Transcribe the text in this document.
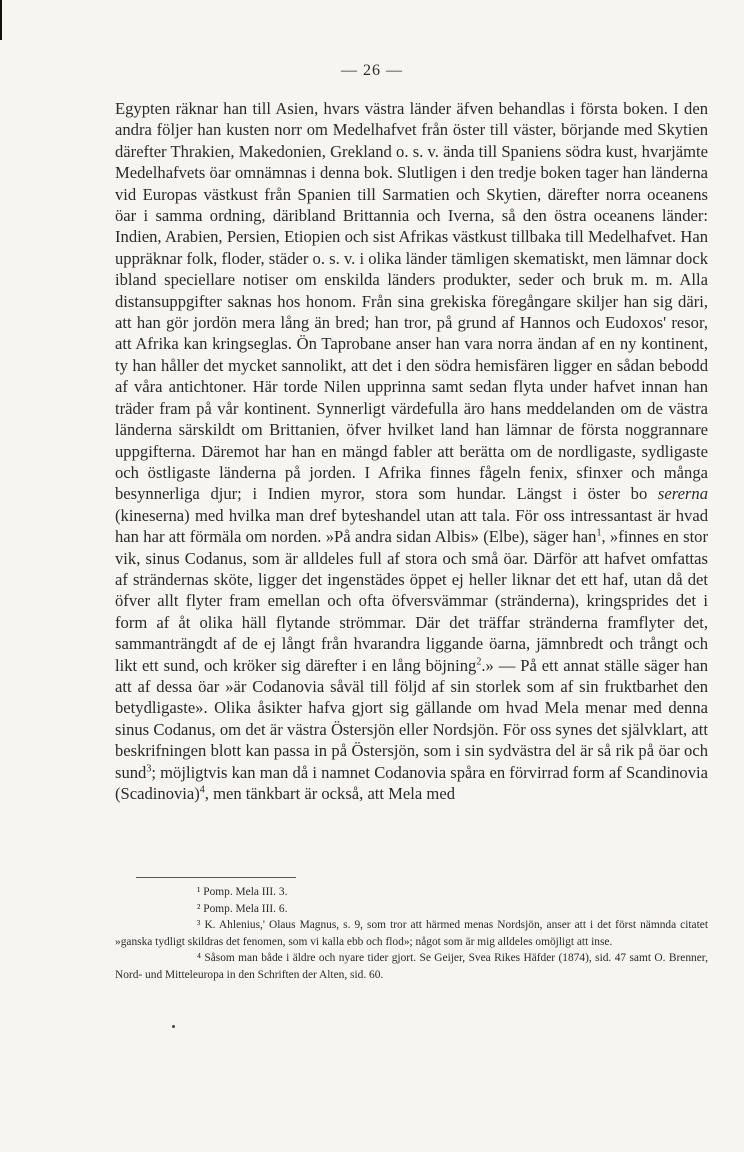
— 26 —

Egypten räknar han till Asien, hvars västra länder äfven behandlas i första boken. I den andra följer han kusten norr om Medelhafvet från öster till väster, börjande med Skytien därefter Thrakien, Makedonien, Grekland o. s. v. ända till Spaniens södra kust, hvarjämte Medelhafvets öar omnämnas i denna bok. Slutligen i den tredje boken tager han länderna vid Europas västkust från Spanien till Sarmatien och Skytien, därefter norra oceanens öar i samma ordning, däribland Brittannia och Iverna, så den östra oceanens länder: Indien, Arabien, Persien, Etiopien och sist Afrikas västkust tillbaka till Medelhafvet. Han uppräknar folk, floder, städer o. s. v. i olika länder tämligen skematiskt, men lämnar dock ibland speciellare notiser om enskilda länders produkter, seder och bruk m. m. Alla distansuppgifter saknas hos honom. Från sina grekiska föregångare skiljer han sig däri, att han gör jordön mera lång än bred; han tror, på grund af Hannos och Eudoxos' resor, att Afrika kan kringseglas. Ön Taprobane anser han vara norra ändan af en ny kontinent, ty han håller det mycket sannolikt, att det i den södra hemisfären ligger en sådan bebodd af våra antichtoner. Här torde Nilen upprinna samt sedan flyta under hafvet innan han träder fram på vår kontinent. Synnerligt värdefulla äro hans meddelanden om de västra länderna särskildt om Brittanien, öfver hvilket land han lämnar de första noggrannare uppgifterna. Däremot har han en mängd fabler att berätta om de nordligaste, sydligaste och östligaste länderna på jorden. I Afrika finnes fågeln fenix, sfinxer och många besynnerliga djur; i Indien myror, stora som hundar. Längst i öster bo sererna (kineserna) med hvilka man dref byteshandel utan att tala. För oss intressantast är hvad han har att förmäla om norden. »På andra sidan Albis» (Elbe), säger han$^1$, »finnes en stor vik, sinus Codanus, som är alldeles full af stora och små öar. Därför att hafvet omfattas af strändernas sköte, ligger det ingenstädes öppet ej heller liknar det ett haf, utan då det öfver allt flyter fram emellan och ofta öfversvämmar (stränderna), kringsprides det i form af åt olika häll flytande strömmar. Där det träffar stränderna framflyter det, sammanträngdt af de ej långt från hvarandra liggande öarna, jämnbredt och trångt och likt ett sund, och kröker sig därefter i en lång böjning$^2$.» — På ett annat ställe säger han att af dessa öar »är Codanovia såväl till följd af sin storlek som af sin fruktbarhet den betydligaste». Olika åsikter hafva gjort sig gällande om hvad Mela menar med denna sinus Codanus, om det är västra Östersjön eller Nordsjön. För oss synes det självklart, att beskrifningen blott kan passa in på Östersjön, som i sin sydvästra del är så rik på öar och sund$^3$; möjligtvis kan man då i namnet Codanovia spåra en förvirrad form af Scandinovia (Scadinovia)$^4$, men tänkbart är också, att Mela med

¹ Pomp. Mela III. 3.

² Pomp. Mela III. 6.

³ K. Ahlenius,' Olaus Magnus, s. 9, som tror att härmed menas Nordsjön, anser att i det först nämnda citatet »ganska tydligt skildras det fenomen, som vi kalla ebb och flod»; något som är mig alldeles omöjligt att inse.

⁴ Såsom man både i äldre och nyare tider gjort. Se Geijer, Svea Rikes Häfder (1874), sid. 47 samt O. Brenner, Nord- und Mitteleuropa in den Schriften der Alten, sid. 60.
